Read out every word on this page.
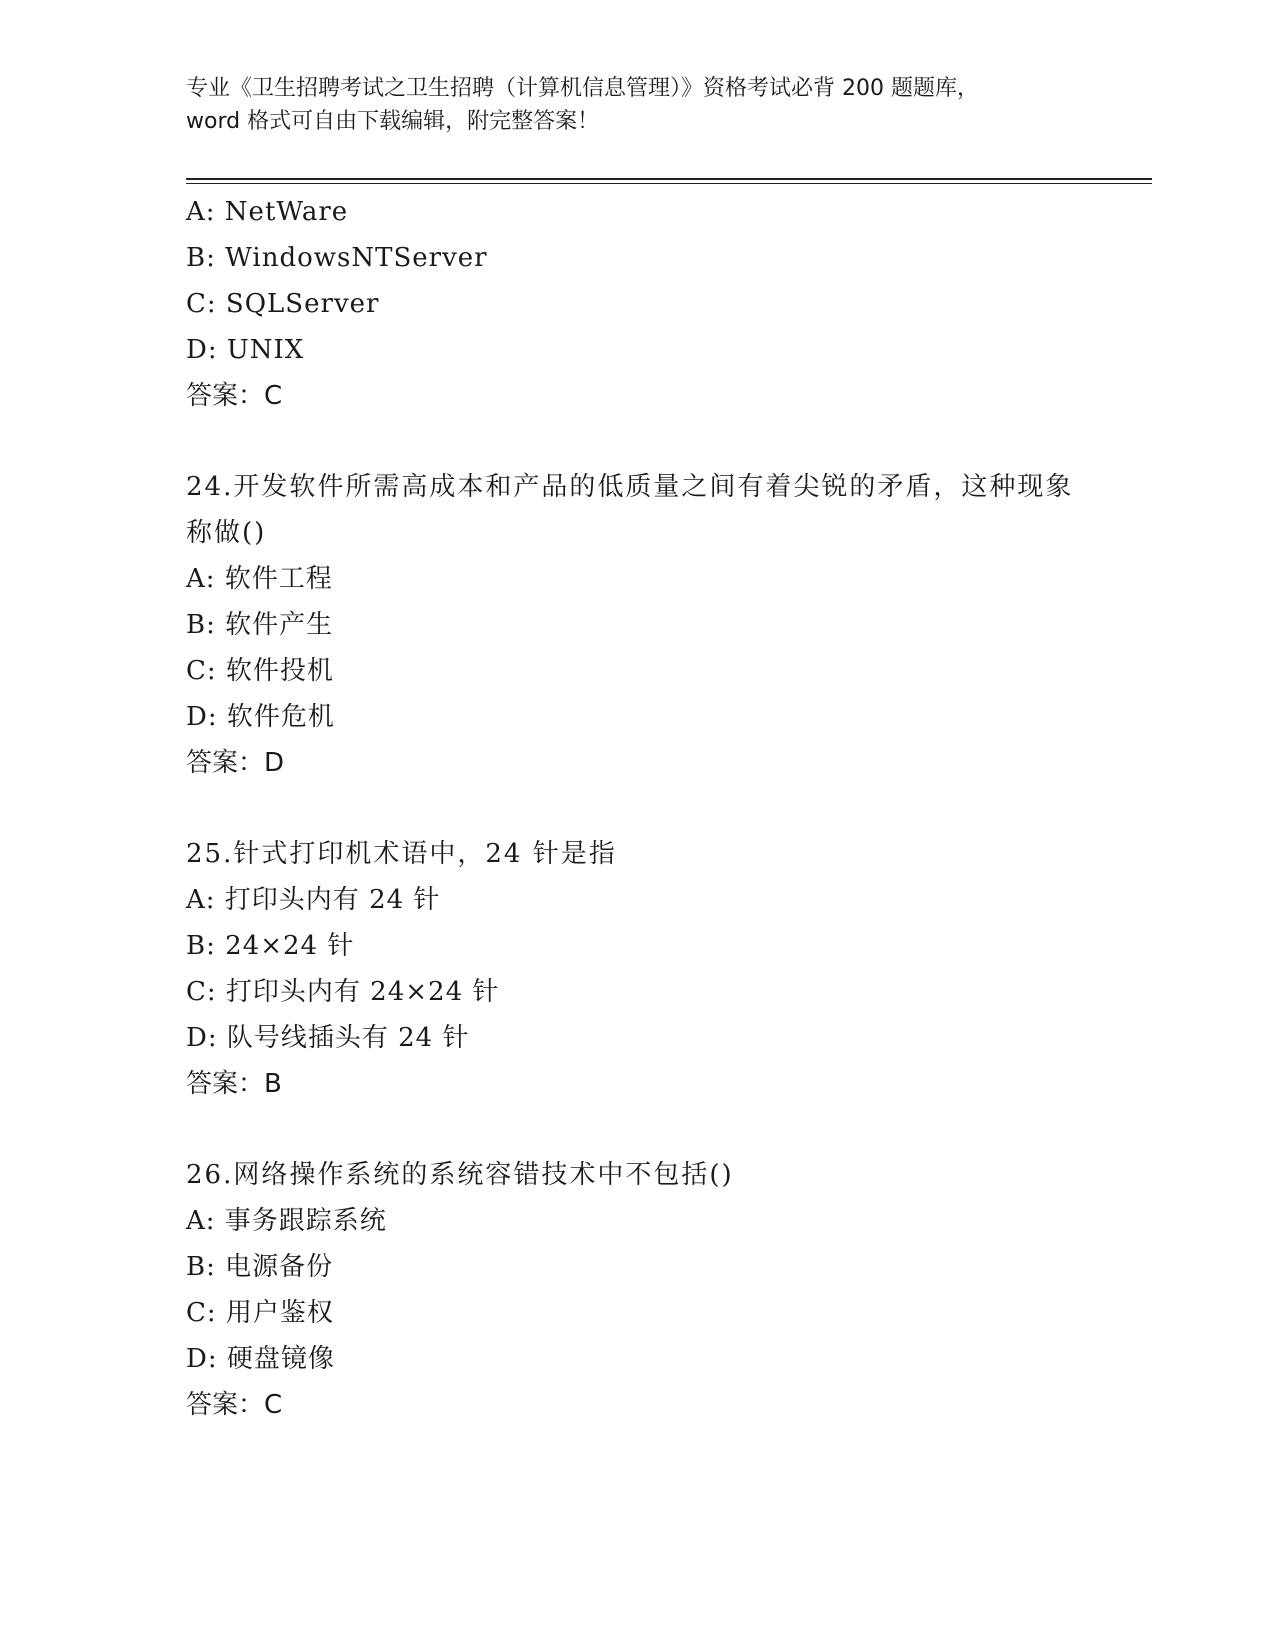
专业《卫生招聘考试之卫生招聘（计算机信息管理）》资格考试必背 200 题题库，
word 格式可自由下载编辑，附完整答案！
A: NetWare
B: WindowsNTServer
C: SQLServer
D: UNIX
答案：C
24.开发软件所需高成本和产品的低质量之间有着尖锐的矛盾，这种现象称做()
A: 软件工程
B: 软件产生
C: 软件投机
D: 软件危机
答案：D
25.针式打印机术语中，24 针是指
A: 打印头内有 24 针
B: 24×24 针
C: 打印头内有 24×24 针
D: 队号线插头有 24 针
答案：B
26.网络操作系统的系统容错技术中不包括()
A: 事务跟踪系统
B: 电源备份
C: 用户鉴权
D: 硬盘镜像
答案：C
